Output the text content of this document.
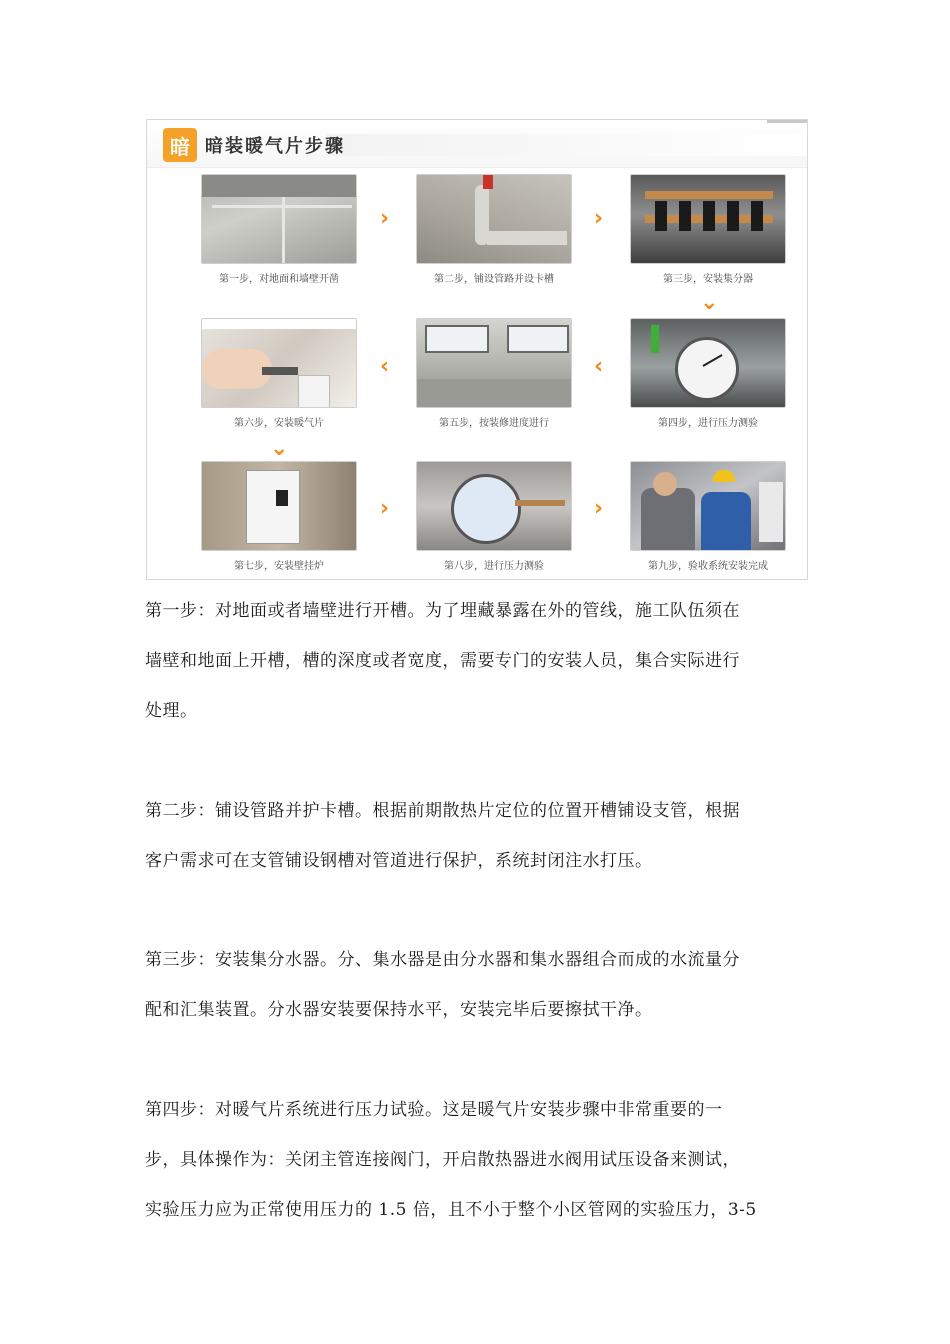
暗 暗装暖气片步骤
第一步，对地面和墙壁开凿
›
第二步，铺设管路并设卡槽
›
第三步，安装集分器
⌄
第六步，安装暖气片
‹
第五步，按装修进度进行
‹
第四步，进行压力测验
⌄
第七步，安装壁挂炉
›
第八步，进行压力测验
›
第九步，验收系统安装完成
第一步：对地面或者墙壁进行开槽。为了埋藏暴露在外的管线，施工队伍须在
墙壁和地面上开槽，槽的深度或者宽度，需要专门的安装人员，集合实际进行
处理。
第二步：铺设管路并护卡槽。根据前期散热片定位的位置开槽铺设支管，根据
客户需求可在支管铺设钢槽对管道进行保护，系统封闭注水打压。
第三步：安装集分水器。分、集水器是由分水器和集水器组合而成的水流量分
配和汇集装置。分水器安装要保持水平，安装完毕后要擦拭干净。
第四步：对暖气片系统进行压力试验。这是暖气片安装步骤中非常重要的一
步，具体操作为：关闭主管连接阀门，开启散热器进水阀用试压设备来测试，
实验压力应为正常使用压力的 1.5 倍，且不小于整个小区管网的实验压力，3-5
